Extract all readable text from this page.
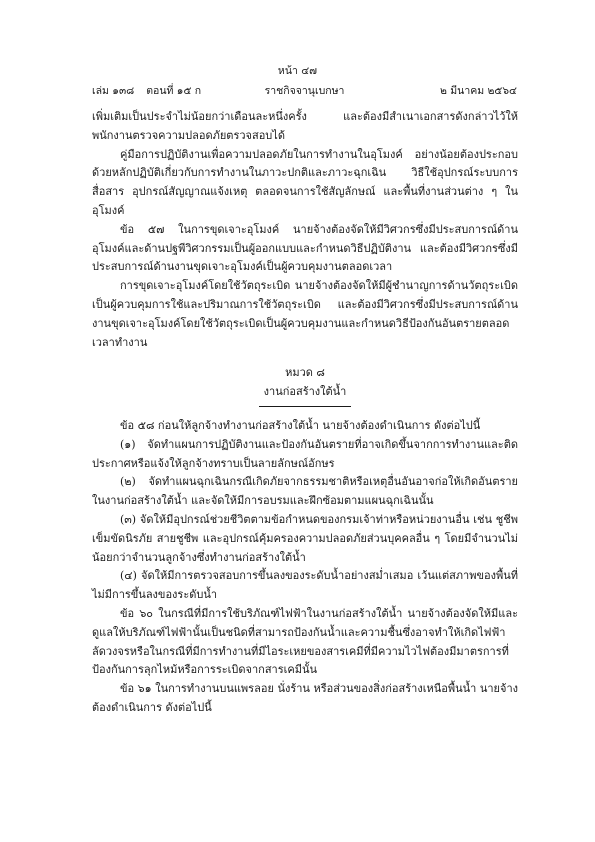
หน้า ๔๗
เล่ม ๑๓๘ ตอนที่ ๑๕ ก	ราชกิจจานุเบกษา	๒ มีนาคม ๒๕๖๔

เพิ่มเติมเป็นประจำไม่น้อยกว่าเดือนละหนึ่งครั้ง และต้องมีสำเนาเอกสารดังกล่าวไว้ให้พนักงานตรวจความปลอดภัยตรวจสอบได้

คู่มือการปฏิบัติงานเพื่อความปลอดภัยในการทำงานในอุโมงค์ อย่างน้อยต้องประกอบด้วยหลักปฏิบัติเกี่ยวกับการทำงานในภาวะปกติและภาวะฉุกเฉิน วิธีใช้อุปกรณ์ระบบการสื่อสาร อุปกรณ์สัญญาณแจ้งเหตุ ตลอดจนการใช้สัญลักษณ์ และพื้นที่งานส่วนต่าง ๆ ในอุโมงค์

ข้อ ๕๗ ในการขุดเจาะอุโมงค์ นายจ้างต้องจัดให้มีวิศวกรซึ่งมีประสบการณ์ด้านอุโมงค์และด้านปฐพีวิศวกรรมเป็นผู้ออกแบบและกำหนดวิธีปฏิบัติงาน และต้องมีวิศวกรซึ่งมีประสบการณ์ด้านงานขุดเจาะอุโมงค์เป็นผู้ควบคุมงานตลอดเวลา

การขุดเจาะอุโมงค์โดยใช้วัตถุระเบิด นายจ้างต้องจัดให้มีผู้ชำนาญการด้านวัตถุระเบิดเป็นผู้ควบคุมการใช้และปริมาณการใช้วัตถุระเบิด และต้องมีวิศวกรซึ่งมีประสบการณ์ด้านงานขุดเจาะอุโมงค์โดยใช้วัตถุระเบิดเป็นผู้ควบคุมงานและกำหนดวิธีป้องกันอันตรายตลอดเวลาทำงาน

หมวด ๘

งานก่อสร้างใต้น้ำ

ข้อ ๕๘ ก่อนให้ลูกจ้างทำงานก่อสร้างใต้น้ำ นายจ้างต้องดำเนินการ ดังต่อไปนี้

(๑) จัดทำแผนการปฏิบัติงานและป้องกันอันตรายที่อาจเกิดขึ้นจากการทำงานและติดประกาศหรือแจ้งให้ลูกจ้างทราบเป็นลายลักษณ์อักษร

(๒) จัดทำแผนฉุกเฉินกรณีเกิดภัยจากธรรมชาติหรือเหตุอื่นอันอาจก่อให้เกิดอันตรายในงานก่อสร้างใต้น้ำ และจัดให้มีการอบรมและฝึกซ้อมตามแผนฉุกเฉินนั้น

(๓) จัดให้มีอุปกรณ์ช่วยชีวิตตามข้อกำหนดของกรมเจ้าท่าหรือหน่วยงานอื่น เช่น ชูชีพเข็มขัดนิรภัย สายชูชีพ และอุปกรณ์คุ้มครองความปลอดภัยส่วนบุคคลอื่น ๆ โดยมีจำนวนไม่น้อยกว่าจำนวนลูกจ้างซึ่งทำงานก่อสร้างใต้น้ำ

(๔) จัดให้มีการตรวจสอบการขึ้นลงของระดับน้ำอย่างสม่ำเสมอ เว้นแต่สภาพของพื้นที่ไม่มีการขึ้นลงของระดับน้ำ

ข้อ ๖๐ ในกรณีที่มีการใช้บริภัณฑ์ไฟฟ้าในงานก่อสร้างใต้น้ำ นายจ้างต้องจัดให้มีและดูแลให้บริภัณฑ์ไฟฟ้านั้นเป็นชนิดที่สามารถป้องกันน้ำและความชื้นซึ่งอาจทำให้เกิดไฟฟ้าลัดวงจรหรือในกรณีที่มีการทำงานที่มีไอระเหยของสารเคมีที่มีความไวไฟต้องมีมาตรการที่ป้องกันการลุกไหม้หรือการระเบิดจากสารเคมีนั้น

ข้อ ๖๑ ในการทำงานบนแพรลอย นั่งร้าน หรือส่วนของสิ่งก่อสร้างเหนือพื้นน้ำ นายจ้างต้องดำเนินการ ดังต่อไปนี้
